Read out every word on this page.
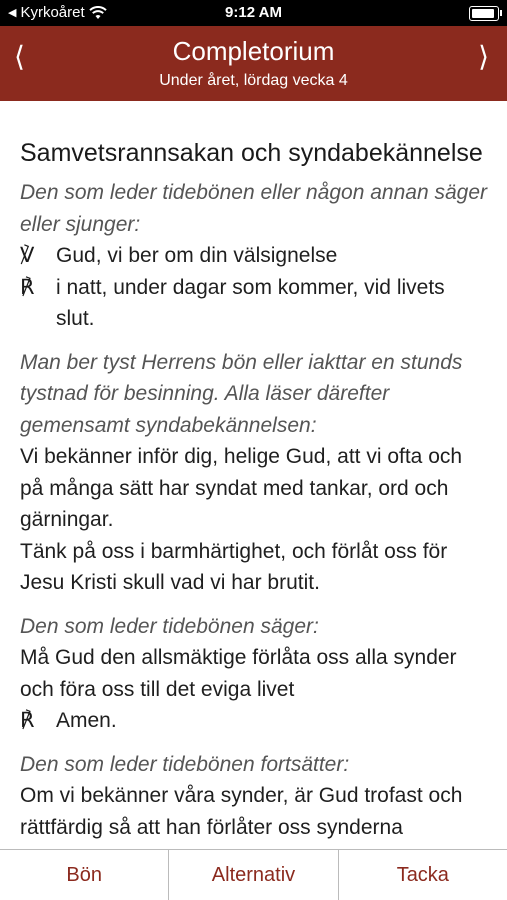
◀ Kyrkoåret	9:12 AM
⟨	Completorium
Under året, lördag vecka 4
⟩
Samvetsrannsakan och syndabekännelse
Den som leder tidebönen eller någon annan säger eller sjunger:
℣	Gud, vi ber om din välsignelse
℟	i natt, under dagar som kommer, vid livets slut.
Man ber tyst Herrens bön eller iakttar en stunds tystnad för besinning. Alla läser därefter gemensamt syndabekännelsen:
Vi bekänner inför dig, helige Gud, att vi ofta och på många sätt har syndat med tankar, ord och gärningar.
Tänk på oss i barmhärtighet, och förlåt oss för Jesu Kristi skull vad vi har brutit.
Den som leder tidebönen säger:
Må Gud den allsmäktige förlåta oss alla synder och föra oss till det eviga livet
℟	Amen.
Den som leder tidebönen fortsätter:
Om vi bekänner våra synder, är Gud trofast och rättfärdig så att han förlåter oss synderna
Bön	Alternativ	Tacka
